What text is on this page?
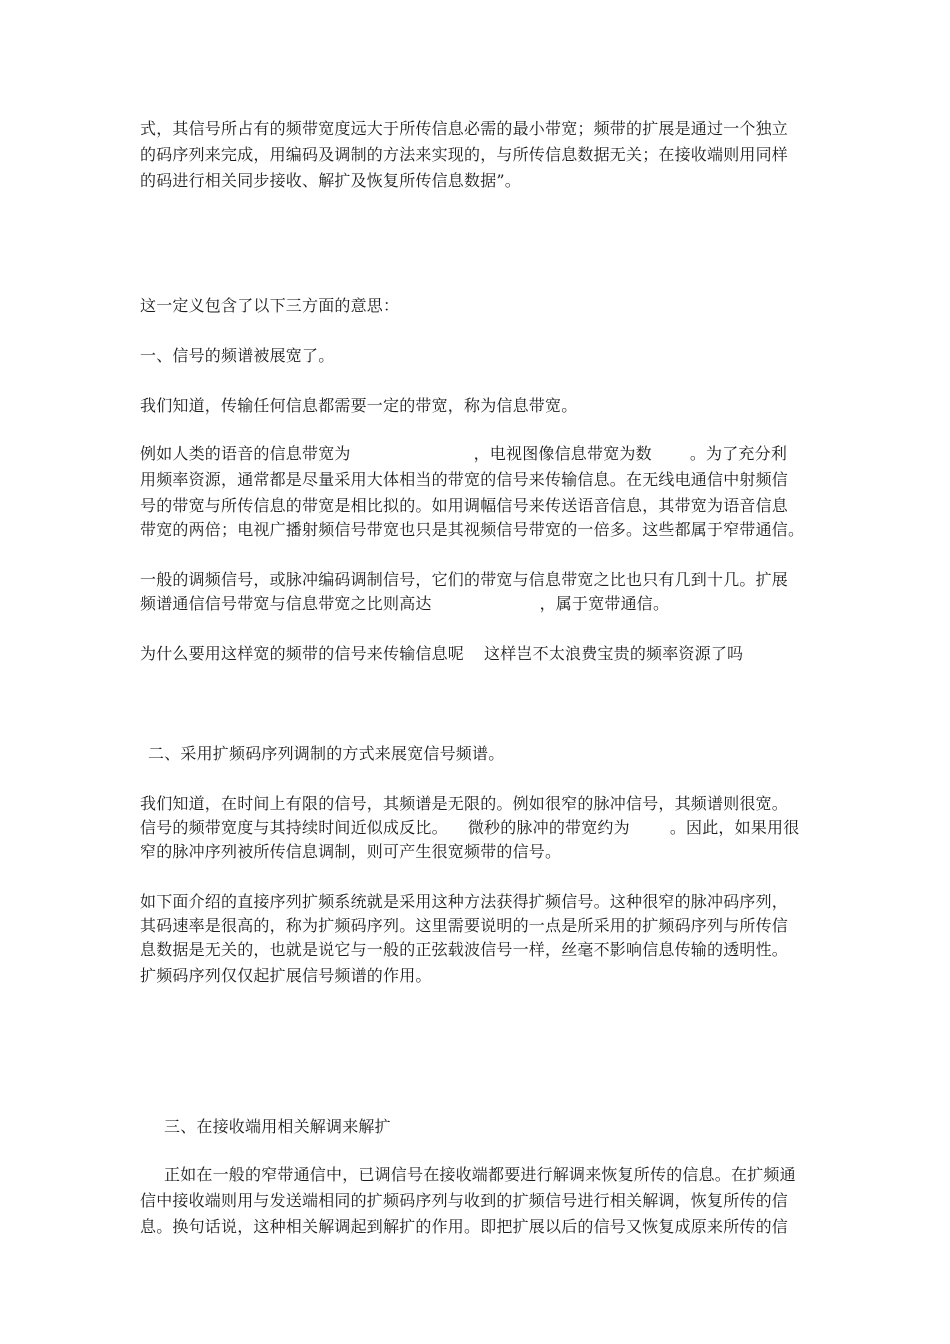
式，其信号所占有的频带宽度远大于所传信息必需的最小带宽；频带的扩展是通过一个独立
的码序列来完成，用编码及调制的方法来实现的，与所传信息数据无关；在接收端则用同样
的码进行相关同步接收、解扩及恢复所传信息数据”。
这一定义包含了以下三方面的意思：
一、信号的频谱被展宽了。
我们知道，传输任何信息都需要一定的带宽，称为信息带宽。
例如人类的语音的信息带宽为	，电视图像信息带宽为数 。为了充分利
用频率资源，通常都是尽量采用大体相当的带宽的信号来传输信息。在无线电通信中射频信
号的带宽与所传信息的带宽是相比拟的。如用调幅信号来传送语音信息，其带宽为语音信息
带宽的两倍；电视广播射频信号带宽也只是其视频信号带宽的一倍多。这些都属于窄带通信。
一般的调频信号，或脉冲编码调制信号，它们的带宽与信息带宽之比也只有几到十几。扩展
频谱通信信号带宽与信息带宽之比则高达	，属于宽带通信。
为什么要用这样宽的频带的信号来传输信息呢 这样岂不太浪费宝贵的频率资源了吗
二、采用扩频码序列调制的方式来展宽信号频谱。
我们知道，在时间上有限的信号，其频谱是无限的。例如很窄的脉冲信号，其频谱则很宽。
信号的频带宽度与其持续时间近似成反比。 微秒的脉冲的带宽约为	。因此，如果用很
窄的脉冲序列被所传信息调制，则可产生很宽频带的信号。
如下面介绍的直接序列扩频系统就是采用这种方法获得扩频信号。这种很窄的脉冲码序列，
其码速率是很高的，称为扩频码序列。这里需要说明的一点是所采用的扩频码序列与所传信
息数据是无关的，也就是说它与一般的正弦载波信号一样，丝毫不影响信息传输的透明性。
扩频码序列仅仅起扩展信号频谱的作用。
三、在接收端用相关解调来解扩
正如在一般的窄带通信中，已调信号在接收端都要进行解调来恢复所传的信息。在扩频通
信中接收端则用与发送端相同的扩频码序列与收到的扩频信号进行相关解调，恢复所传的信
息。换句话说，这种相关解调起到解扩的作用。即把扩展以后的信号又恢复成原来所传的信
